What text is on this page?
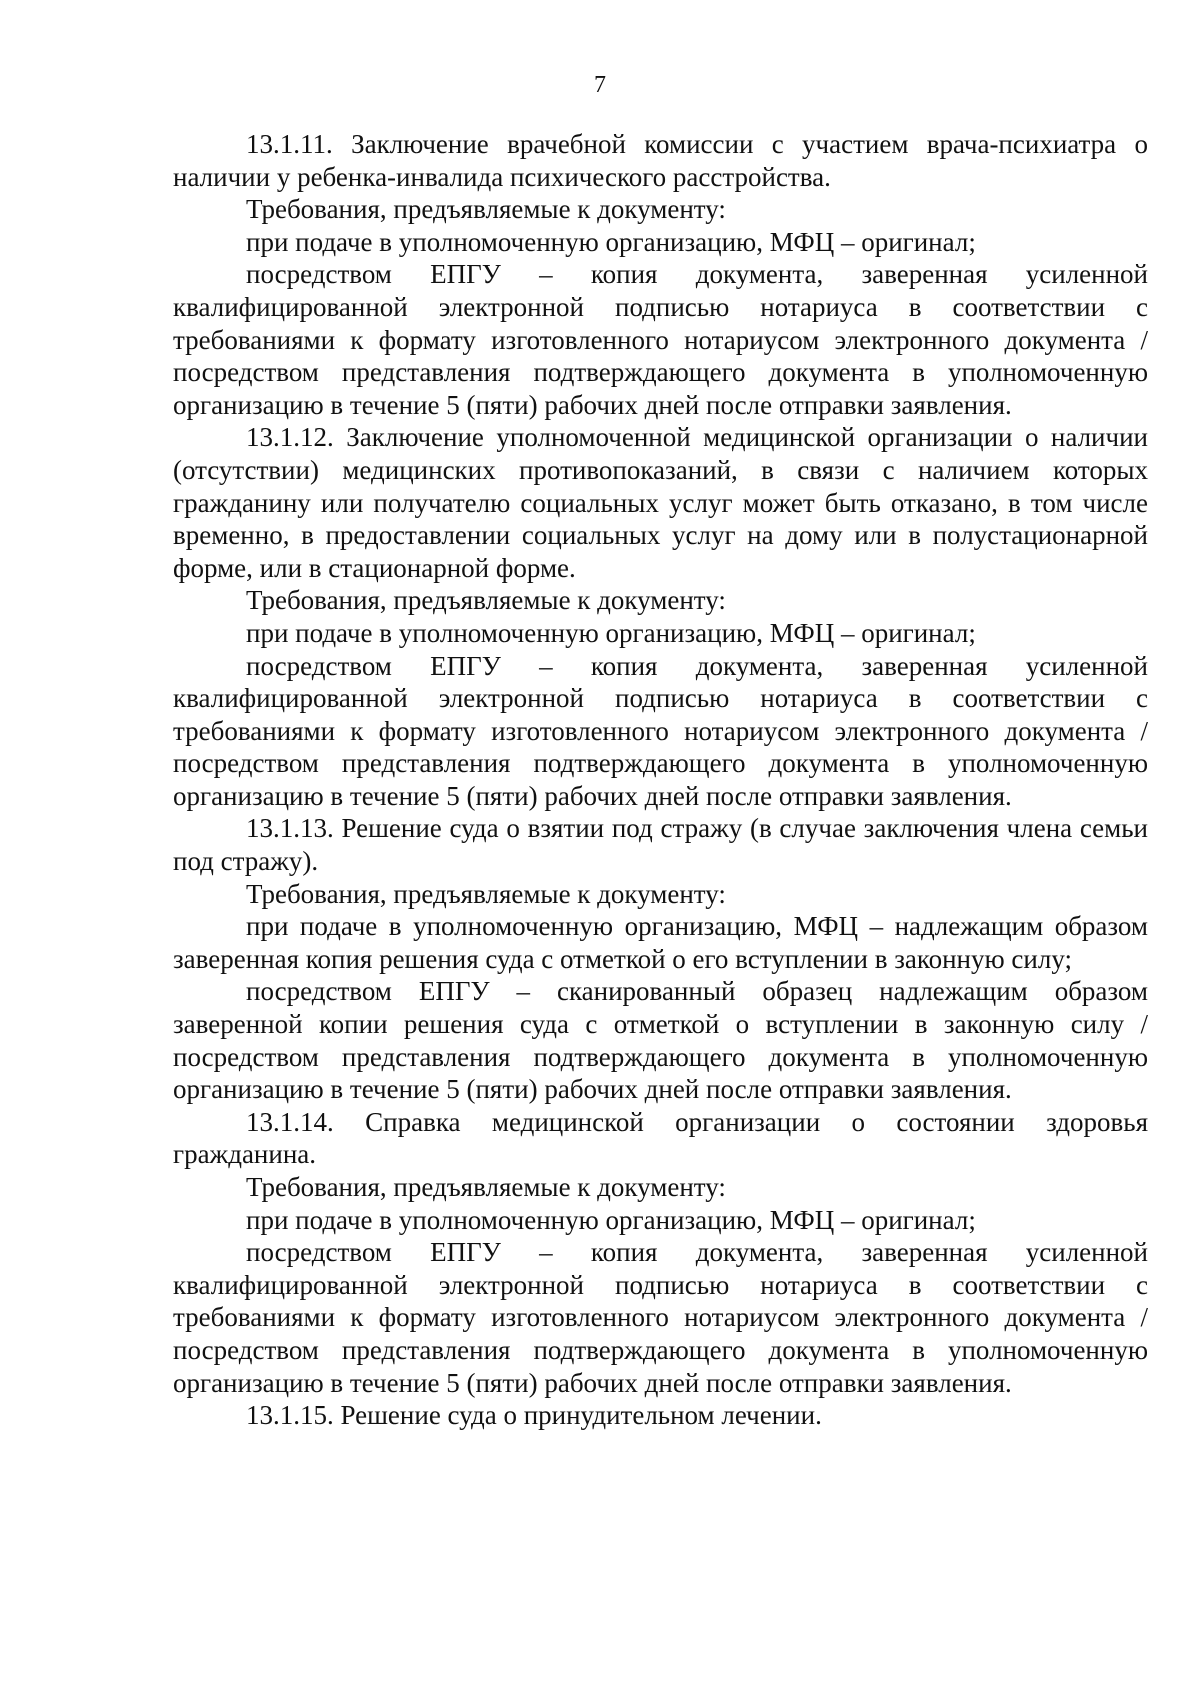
7

13.1.11. Заключение врачебной комиссии с участием врача-психиатра о наличии у ребенка-инвалида психического расстройства.

Требования, предъявляемые к документу:

при подаче в уполномоченную организацию, МФЦ – оригинал;

посредством ЕПГУ – копия документа, заверенная усиленной квалифицированной электронной подписью нотариуса в соответствии с требованиями к формату изготовленного нотариусом электронного документа / посредством представления подтверждающего документа в уполномоченную организацию в течение 5 (пяти) рабочих дней после отправки заявления.

13.1.12. Заключение уполномоченной медицинской организации о наличии (отсутствии) медицинских противопоказаний, в связи с наличием которых гражданину или получателю социальных услуг может быть отказано, в том числе временно, в предоставлении социальных услуг на дому или в полустационарной форме, или в стационарной форме.

Требования, предъявляемые к документу:

при подаче в уполномоченную организацию, МФЦ – оригинал;

посредством ЕПГУ – копия документа, заверенная усиленной квалифицированной электронной подписью нотариуса в соответствии с требованиями к формату изготовленного нотариусом электронного документа / посредством представления подтверждающего документа в уполномоченную организацию в течение 5 (пяти) рабочих дней после отправки заявления.

13.1.13. Решение суда о взятии под стражу (в случае заключения члена семьи под стражу).

Требования, предъявляемые к документу:

при подаче в уполномоченную организацию, МФЦ – надлежащим образом заверенная копия решения суда с отметкой о его вступлении в законную силу;

посредством ЕПГУ – сканированный образец надлежащим образом заверенной копии решения суда с отметкой о вступлении в законную силу / посредством представления подтверждающего документа в уполномоченную организацию в течение 5 (пяти) рабочих дней после отправки заявления.

13.1.14. Справка медицинской организации о состоянии здоровья гражданина.

Требования, предъявляемые к документу:

при подаче в уполномоченную организацию, МФЦ – оригинал;

посредством ЕПГУ – копия документа, заверенная усиленной квалифицированной электронной подписью нотариуса в соответствии с требованиями к формату изготовленного нотариусом электронного документа / посредством представления подтверждающего документа в уполномоченную организацию в течение 5 (пяти) рабочих дней после отправки заявления.

13.1.15. Решение суда о принудительном лечении.
